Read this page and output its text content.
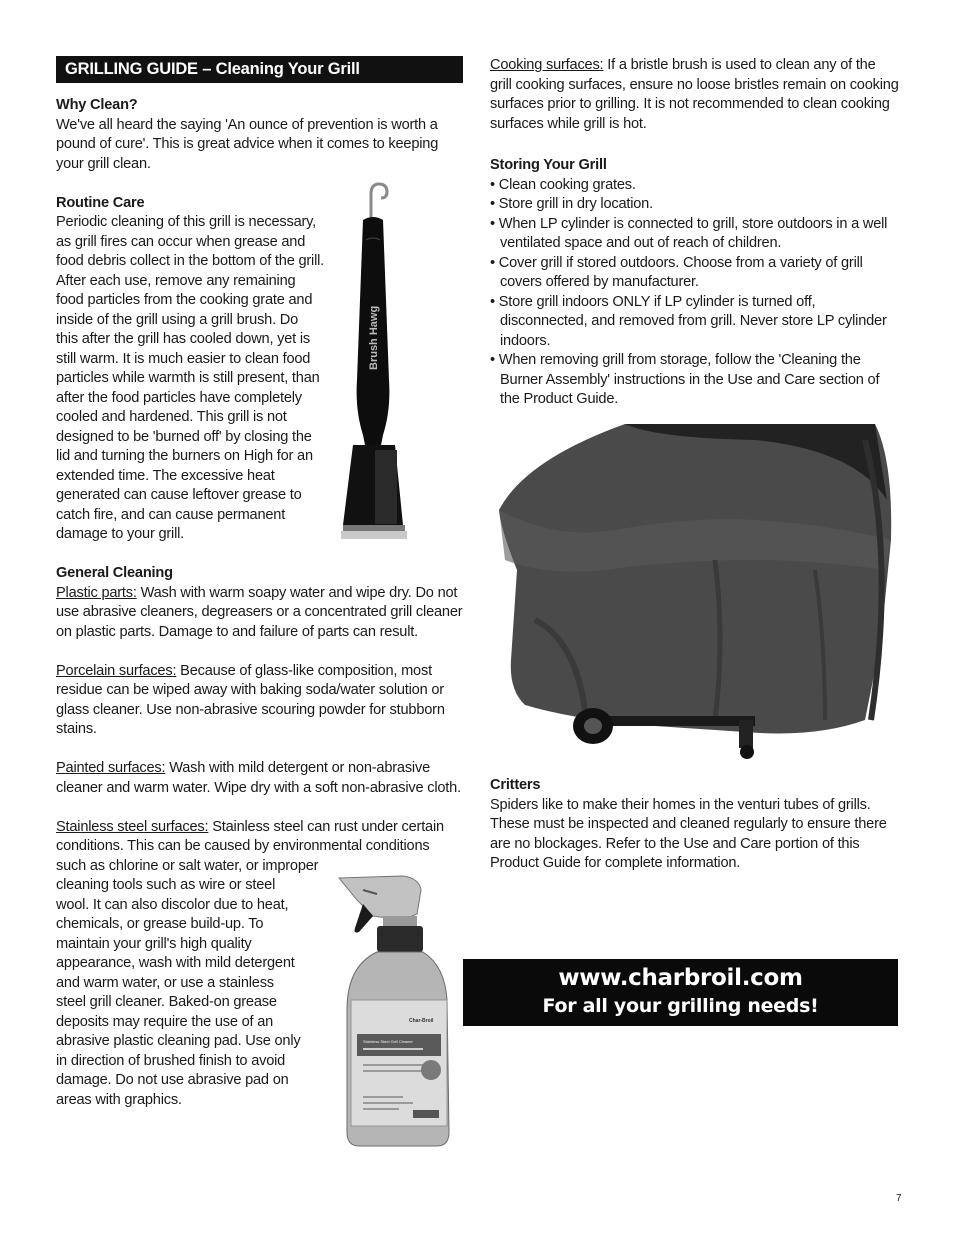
GRILLING GUIDE – Cleaning Your Grill
Why Clean?
We've all heard the saying 'An ounce of prevention is worth a
pound of cure'. This is great advice when it comes to keeping
your grill clean.
Routine Care
Periodic cleaning of this grill is necessary,
as grill fires can occur when grease and
food debris collect in the bottom of the grill.
After each use, remove any remaining
food particles from the cooking grate and
inside of the grill using a grill brush. Do
this after the grill has cooled down, yet is
still warm. It is much easier to clean food
particles while warmth is still present, than
after the food particles have completely
cooled and hardened. This grill is not
designed to be 'burned off' by closing the
lid and turning the burners on High for an
extended time. The excessive heat
generated can cause leftover grease to
catch fire, and can cause permanent
damage to your grill.
General Cleaning
Plastic parts: Wash with warm soapy water and wipe dry. Do not
use abrasive cleaners, degreasers or a concentrated grill cleaner
on plastic parts. Damage to and failure of parts can result.
Porcelain surfaces: Because of glass-like composition, most
residue can be wiped away with baking soda/water solution or
glass cleaner. Use non-abrasive scouring powder for stubborn
stains.
Painted surfaces: Wash with mild detergent or non-abrasive
cleaner and warm water. Wipe dry with a soft non-abrasive cloth.
Stainless steel surfaces: Stainless steel can rust under certain
conditions. This can be caused by environmental conditions
such as chlorine or salt water, or improper
cleaning tools such as wire or steel
wool. It can also discolor due to heat,
chemicals, or grease build-up. To
maintain your grill's high quality
appearance, wash with mild detergent
and warm water, or use a stainless
steel grill cleaner. Baked-on grease
deposits may require the use of an
abrasive plastic cleaning pad. Use only
in direction of brushed finish to avoid
damage. Do not use abrasive pad on
areas with graphics.
Brush Hawg
Char-Broil
Stainless Steel Grill Cleaner
Cooking surfaces: If a bristle brush is used to clean any of the
grill cooking surfaces, ensure no loose bristles remain on cooking
surfaces prior to grilling. It is not recommended to clean cooking
surfaces while grill is hot.
Storing Your Grill
• Clean cooking grates.
• Store grill in dry location.
• When LP cylinder is connected to grill, store outdoors in a well ventilated space and out of reach of children.
• Cover grill if stored outdoors. Choose from a variety of grill covers offered by manufacturer.
• Store grill indoors ONLY if LP cylinder is turned off, disconnected, and removed from grill. Never store LP cylinder indoors.
• When removing grill from storage, follow the 'Cleaning the Burner Assembly' instructions in the Use and Care section of the Product Guide.
Critters
Spiders like to make their homes in the venturi tubes of grills.
These must be inspected and cleaned regularly to ensure there
are no blockages. Refer to the Use and Care portion of this
Product Guide for complete information.
www.charbroil.com
For all your grilling needs!
7
